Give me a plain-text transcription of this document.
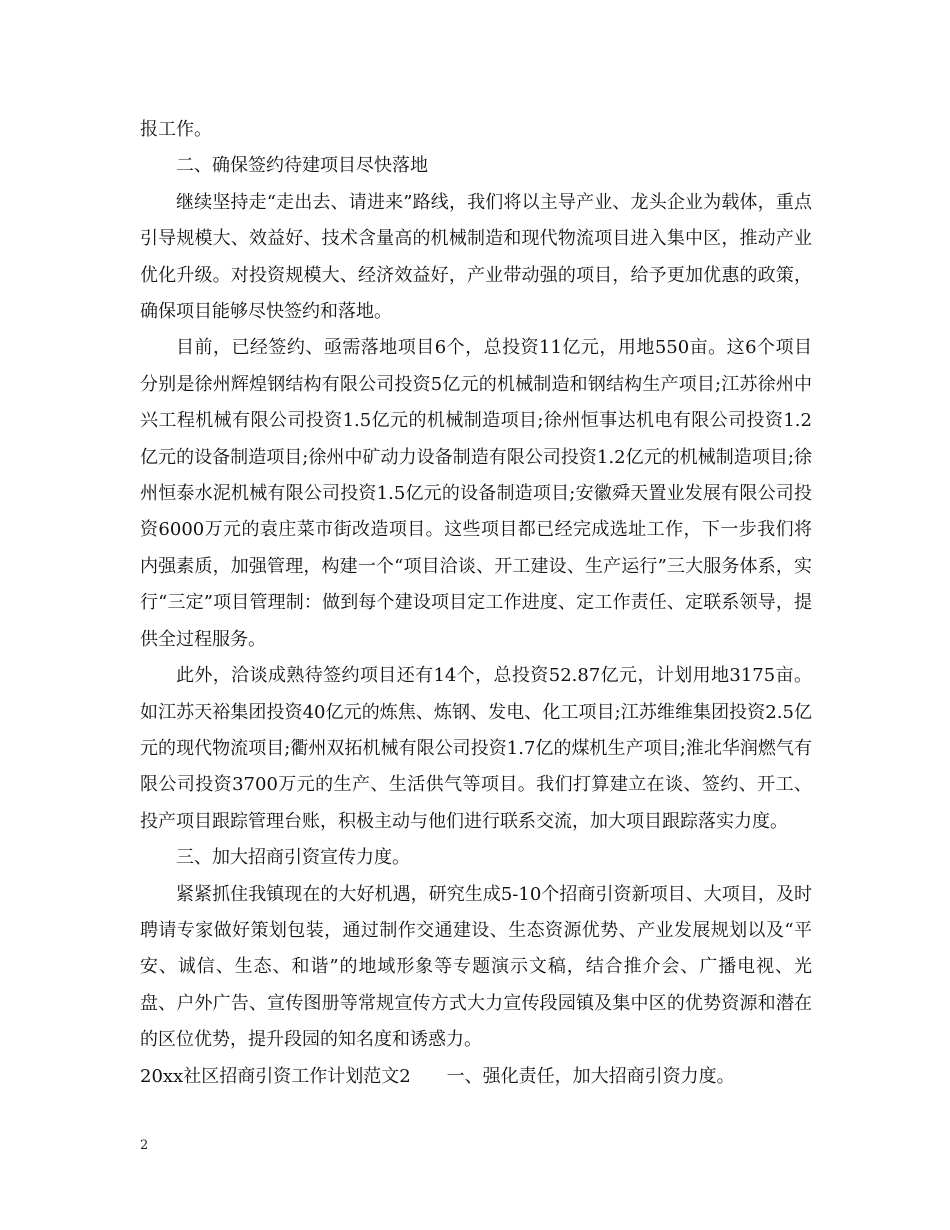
报工作。

二、确保签约待建项目尽快落地

继续坚持走“走出去、请进来”路线，我们将以主导产业、龙头企业为载体，重点引导规模大、效益好、技术含量高的机械制造和现代物流项目进入集中区，推动产业优化升级。对投资规模大、经济效益好，产业带动强的项目，给予更加优惠的政策，确保项目能够尽快签约和落地。

目前，已经签约、亟需落地项目6个，总投资11亿元，用地550亩。这6个项目分别是徐州辉煌钢结构有限公司投资5亿元的机械制造和钢结构生产项目;江苏徐州中兴工程机械有限公司投资1.5亿元的机械制造项目;徐州恒事达机电有限公司投资1.2亿元的设备制造项目;徐州中矿动力设备制造有限公司投资1.2亿元的机械制造项目;徐州恒泰水泥机械有限公司投资1.5亿元的设备制造项目;安徽舜天置业发展有限公司投资6000万元的袁庄菜市街改造项目。这些项目都已经完成选址工作，下一步我们将内强素质，加强管理，构建一个“项目洽谈、开工建设、生产运行”三大服务体系，实行“三定”项目管理制：做到每个建设项目定工作进度、定工作责任、定联系领导，提供全过程服务。

此外，洽谈成熟待签约项目还有14个，总投资52.87亿元，计划用地3175亩。如江苏天裕集团投资40亿元的炼焦、炼钢、发电、化工项目;江苏维维集团投资2.5亿元的现代物流项目;衢州双拓机械有限公司投资1.7亿的煤机生产项目;淮北华润燃气有限公司投资3700万元的生产、生活供气等项目。我们打算建立在谈、签约、开工、投产项目跟踪管理台账，积极主动与他们进行联系交流，加大项目跟踪落实力度。

三、加大招商引资宣传力度。

紧紧抓住我镇现在的大好机遇，研究生成5-10个招商引资新项目、大项目，及时聘请专家做好策划包装，通过制作交通建设、生态资源优势、产业发展规划以及“平安、诚信、生态、和谐”的地域形象等专题演示文稿，结合推介会、广播电视、光盘、户外广告、宣传图册等常规宣传方式大力宣传段园镇及集中区的优势资源和潜在的区位优势，提升段园的知名度和诱惑力。

20xx社区招商引资工作计划范文2　　一、强化责任，加大招商引资力度。

2
